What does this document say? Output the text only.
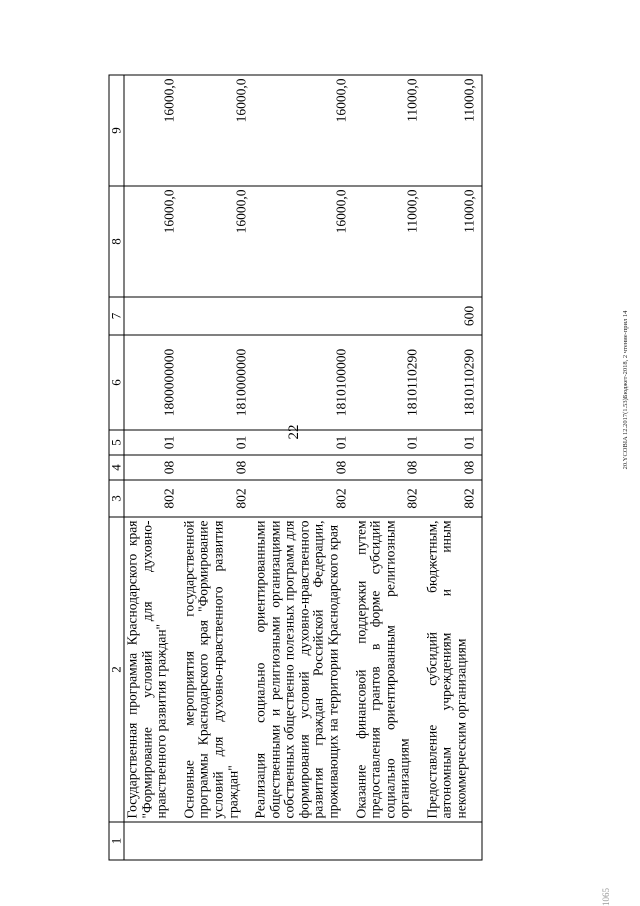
22	20.YCOBIA 12.2017(1.53)Бюджет-2018, 2 чтение-прил 14
1065
1	2	3	4	5	6	7	8	9
	Государственная программа Краснодарского края "Формирование условий для духовно-нравственного развития граждан"	802	08	01	1800000000		16000,0	16000,0
	Основные мероприятия государственной программы Краснодарского края "Формирование условий для духовно-нравственного развития граждан"	802	08	01	1810000000		16000,0	16000,0
	Реализация социально ориентированными общественными и религиозными организациями собственных общественно полезных программ для формирования условий духовно-нравственного развития граждан Российской Федерации, проживающих на территории Краснодарского края	802	08	01	1810100000		16000,0	16000,0
	Оказание финансовой поддержки путем предоставления грантов в форме субсидий социально ориентированным религиозным организациям	802	08	01	1810110290		11000,0	11000,0
	Предоставление субсидий бюджетным, автономным учреждениям и иным некоммерческим организациям	802	08	01	1810110290	600	11000,0	11000,0
